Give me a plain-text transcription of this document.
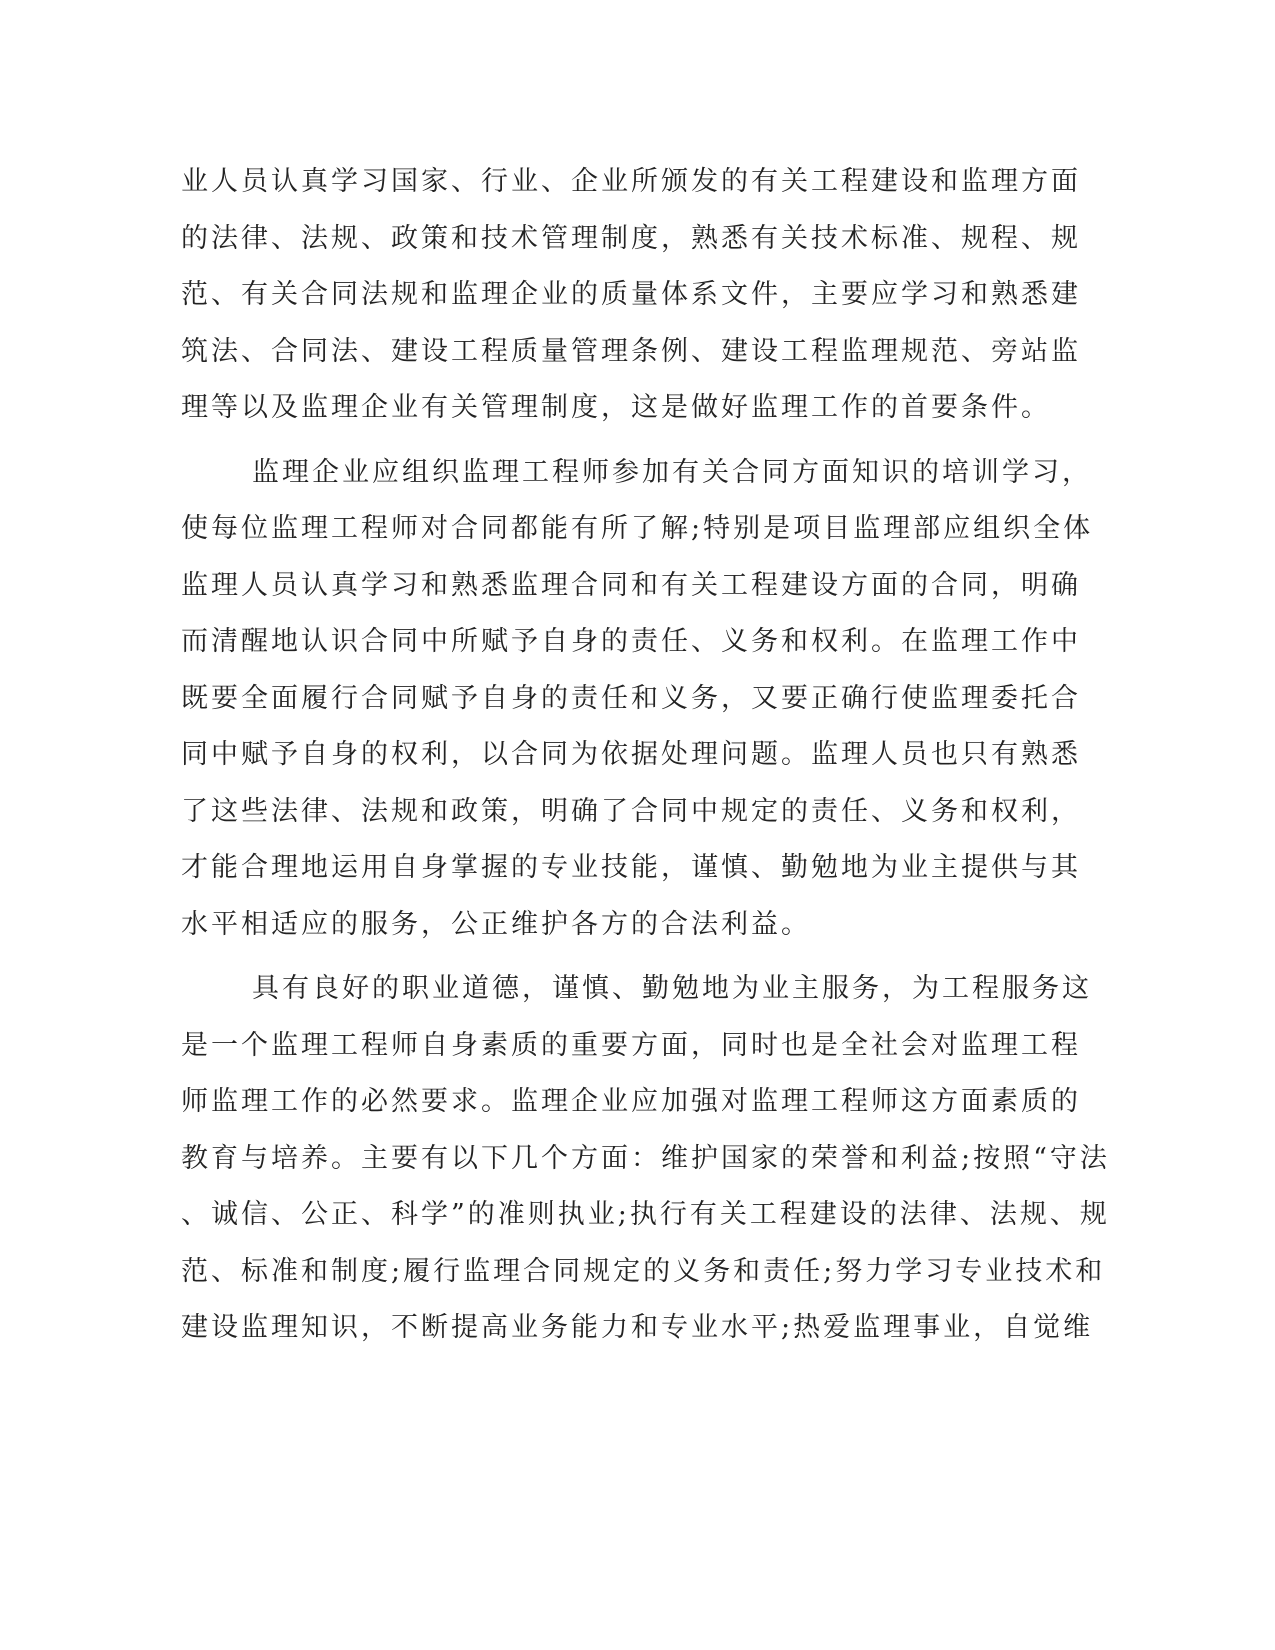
业人员认真学习国家、行业、企业所颁发的有关工程建设和监理方面
的法律、法规、政策和技术管理制度，熟悉有关技术标准、规程、规
范、有关合同法规和监理企业的质量体系文件，主要应学习和熟悉建
筑法、合同法、建设工程质量管理条例、建设工程监理规范、旁站监
理等以及监理企业有关管理制度，这是做好监理工作的首要条件。
监理企业应组织监理工程师参加有关合同方面知识的培训学习，
使每位监理工程师对合同都能有所了解;特别是项目监理部应组织全体
监理人员认真学习和熟悉监理合同和有关工程建设方面的合同，明确
而清醒地认识合同中所赋予自身的责任、义务和权利。在监理工作中
既要全面履行合同赋予自身的责任和义务，又要正确行使监理委托合
同中赋予自身的权利，以合同为依据处理问题。监理人员也只有熟悉
了这些法律、法规和政策，明确了合同中规定的责任、义务和权利，
才能合理地运用自身掌握的专业技能，谨慎、勤勉地为业主提供与其
水平相适应的服务，公正维护各方的合法利益。
具有良好的职业道德，谨慎、勤勉地为业主服务，为工程服务这
是一个监理工程师自身素质的重要方面，同时也是全社会对监理工程
师监理工作的必然要求。监理企业应加强对监理工程师这方面素质的
教育与培养。主要有以下几个方面：维护国家的荣誉和利益;按照“守法
、诚信、公正、科学”的准则执业;执行有关工程建设的法律、法规、规
范、标准和制度;履行监理合同规定的义务和责任;努力学习专业技术和
建设监理知识，不断提高业务能力和专业水平;热爱监理事业，自觉维
